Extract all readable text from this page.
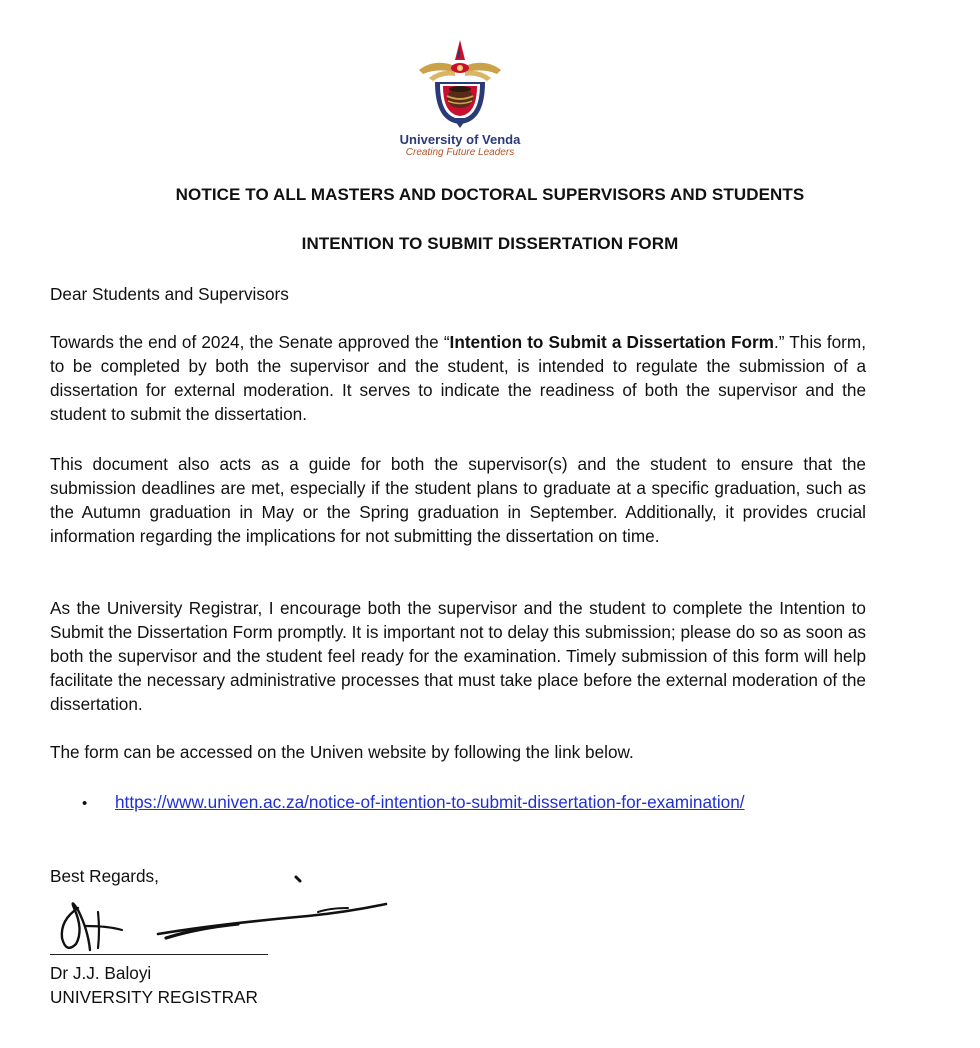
University of Venda
Creating Future Leaders
NOTICE TO ALL MASTERS AND DOCTORAL SUPERVISORS AND STUDENTS
INTENTION TO SUBMIT DISSERTATION FORM
Dear Students and Supervisors

Towards the end of 2024, the Senate approved the “Intention to Submit a Dissertation Form.” This form, to be completed by both the supervisor and the student, is intended to regulate the submission of a dissertation for external moderation. It serves to indicate the readiness of both the supervisor and the student to submit the dissertation.

This document also acts as a guide for both the supervisor(s) and the student to ensure that the submission deadlines are met, especially if the student plans to graduate at a specific graduation, such as the Autumn graduation in May or the Spring graduation in September. Additionally, it provides crucial information regarding the implications for not submitting the dissertation on time.

As the University Registrar, I encourage both the supervisor and the student to complete the Intention to Submit the Dissertation Form promptly. It is important not to delay this submission; please do so as soon as both the supervisor and the student feel ready for the examination. Timely submission of this form will help facilitate the necessary administrative processes that must take place before the external moderation of the dissertation.

The form can be accessed on the Univen website by following the link below.

• https://www.univen.ac.za/notice-of-intention-to-submit-dissertation-for-examination/
Best Regards,
Dr J.J. Baloyi
UNIVERSITY REGISTRAR
